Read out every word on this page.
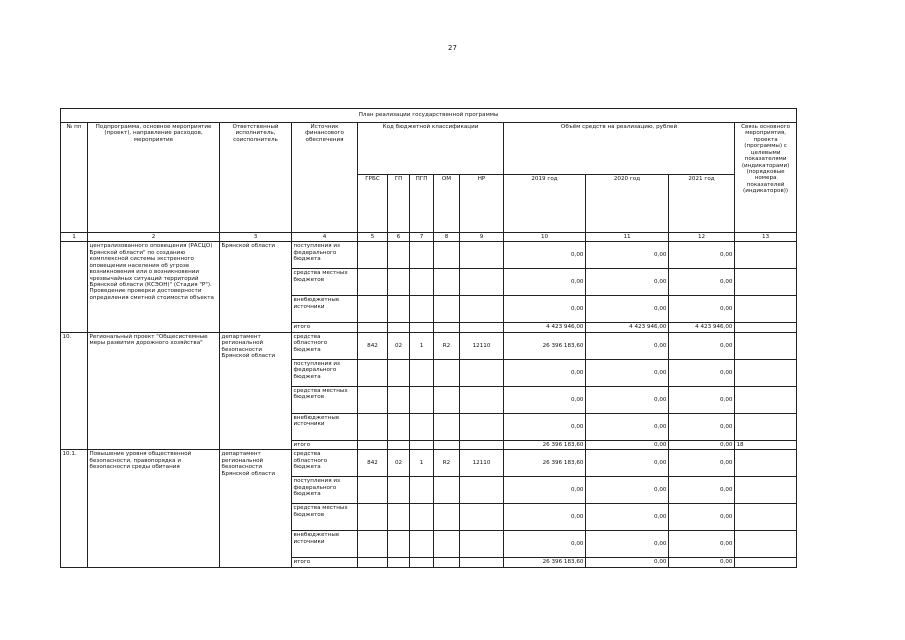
27
План реализации государственной программы												
№ пп	Подпрограмма, основное мероприятие (проект), направление расходов, мероприятие	Ответственный исполнитель, соисполнитель	Источник финансового обеспечения	Код бюджетной классификации					Объём средств на реализацию, рублей			Связь основного мероприятия, проекта (программы) с целевыми показателями (индикаторами) (порядковые номера показателей (индикаторов))
				ГРБС	ГП	ПГП	ОМ	НР	2019 год	2020 год	2021 год	
1	2	3	4	5	6	7	8	9	10	11	12	13
	централизованного оповещения (РАСЦО) Брянской области" по созданию комплексной системы экстренного оповещения населения об угрозе возникновения или о возникновении чрезвычайных ситуаций территорий Брянской области (КСЭОН)" (Стадия "Р"). Проведение проверки достоверности определения сметной стоимости объекта	Брянской области	поступления из федерального бюджета						0,00	0,00	0,00	
			средства местных бюджетов						0,00	0,00	0,00	
			внебюджетные источники						0,00	0,00	0,00	
			итого						4 423 946,00	4 423 946,00	4 423 946,00	
10.	Региональный проект "Общесистемные меры развития дорожного хозяйства"	департамент региональной безопасности Брянской области	средства областного бюджета	842	02	1	R2	12110	26 396 183,60	0,00	0,00	
			поступления из федерального бюджета						0,00	0,00	0,00	
			средства местных бюджетов						0,00	0,00	0,00	
			внебюджетные источники						0,00	0,00	0,00	
			итого						26 396 183,60	0,00	0,00	18
10.1.	Повышение уровня общественной безопасности, правопорядка и безопасности среды обитания	департамент региональной безопасности Брянской области	средства областного бюджета	842	02	1	R2	12110	26 396 183,60	0,00	0,00	
			поступления из федерального бюджета						0,00	0,00	0,00	
			средства местных бюджетов						0,00	0,00	0,00	
			внебюджетные источники						0,00	0,00	0,00	
			итого						26 396 183,60	0,00	0,00	
